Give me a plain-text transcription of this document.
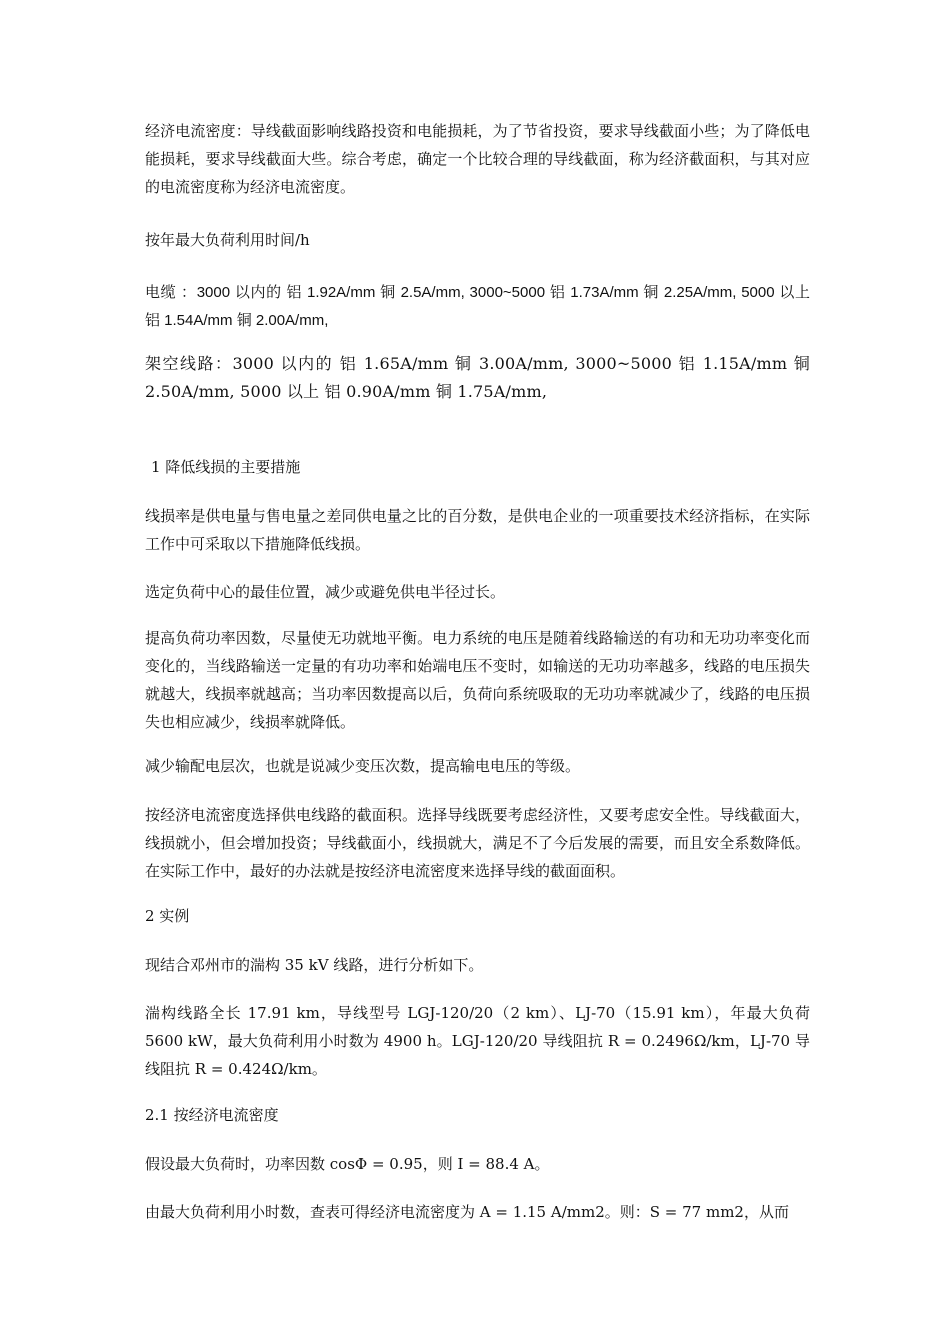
经济电流密度：导线截面影响线路投资和电能损耗，为了节省投资，要求导线截面小些；为了降低电能损耗，要求导线截面大些。综合考虑，确定一个比较合理的导线截面，称为经济截面积，与其对应的电流密度称为经济电流密度。

按年最大负荷利用时间/h

电缆 ：3000 以内的 铝 1.92A/mm 铜 2.5A/mm, 3000~5000 铝 1.73A/mm 铜 2.25A/mm, 5000 以上 铝 1.54A/mm 铜 2.00A/mm,

架空线路：3000 以内的 铝 1.65A/mm 铜 3.00A/mm, 3000~5000 铝 1.15A/mm 铜 2.50A/mm, 5000 以上 铝 0.90A/mm 铜 1.75A/mm,

1 降低线损的主要措施

线损率是供电量与售电量之差同供电量之比的百分数，是供电企业的一项重要技术经济指标，在实际工作中可采取以下措施降低线损。

选定负荷中心的最佳位置，减少或避免供电半径过长。

提高负荷功率因数，尽量使无功就地平衡。电力系统的电压是随着线路输送的有功和无功功率变化而变化的，当线路输送一定量的有功功率和始端电压不变时，如输送的无功功率越多，线路的电压损失就越大，线损率就越高；当功率因数提高以后，负荷向系统吸取的无功功率就减少了，线路的电压损失也相应减少，线损率就降低。

减少输配电层次，也就是说减少变压次数，提高输电电压的等级。

按经济电流密度选择供电线路的截面积。选择导线既要考虑经济性，又要考虑安全性。导线截面大，线损就小，但会增加投资；导线截面小，线损就大，满足不了今后发展的需要，而且安全系数降低。在实际工作中，最好的办法就是按经济电流密度来选择导线的截面面积。

2 实例

现结合邓州市的湍构 35 kV 线路，进行分析如下。

湍构线路全长 17.91 km，导线型号 LGJ-120/20（2 km）、LJ-70（15.91 km），年最大负荷 5600 kW，最大负荷利用小时数为 4900 h。LGJ-120/20 导线阻抗 R = 0.2496Ω/km，LJ-70 导线阻抗 R = 0.424Ω/km。

2.1 按经济电流密度

假设最大负荷时，功率因数 cosΦ = 0.95，则 I = 88.4 A。

由最大负荷利用小时数，查表可得经济电流密度为 A = 1.15 A/mm2。则：S = 77 mm2，从而
